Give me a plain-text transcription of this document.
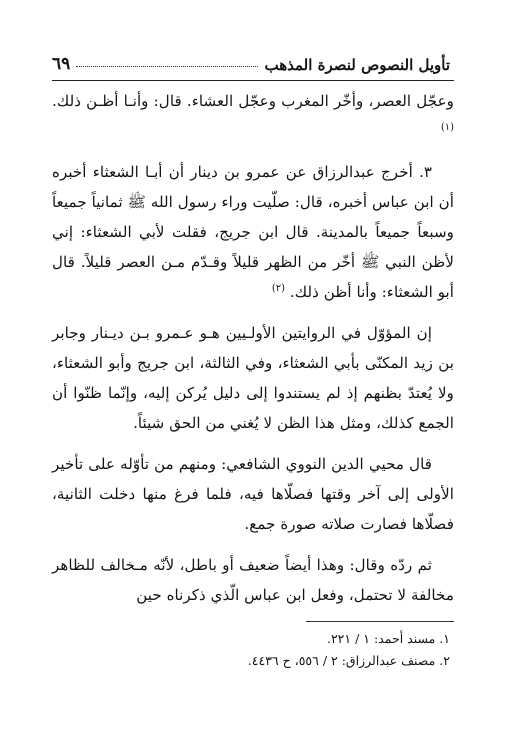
تأويل النصوص لنصرة المذهب
٦٩

وعجّل العصر، وأخّر المغرب وعجّل العشاء. قال: وأنـا أظـن ذلك. $^{(١)}$

٣. أخرج عبدالرزاق عن عمرو بن دينار أن أبـا الشعثاء أخبره أن ابن عباس أخبره، قال: صلّيت وراء رسول الله ﷺ ثمانياً جميعاً وسبعاً جميعاً بالمدينة. قال ابن جريج، فقلت لأبي الشعثاء: إني لأظن النبي ﷺ أخّر من الظهر قليلاً وقـدّم مـن العصر قليلاً. قال أبو الشعثاء: وأنا أظن ذلك. $^{(٢)}$

إن المؤوّل في الروايتين الأولـيين هـو عـمرو بـن ديـنار وجابر بن زيد المكنّى بأبي الشعثاء، وفي الثالثة، ابن جريج وأبو الشعثاء، ولا يُعتدّ بظنهم إذ لم يستندوا إلى دليل يُركن إليه، وإنّما ظنّوا أن الجمع كذلك، ومثل هذا الظن لا يُغني من الحق شيئاً.

قال محيي الدين النووي الشافعي: ومنهم من تأوّله على تأخير الأولى إلى آخر وقتها فصلّاها فيه، فلما فرغ منها دخلت الثانية، فصلّاها فصارت صلاته صورة جمع.

ثم ردّه وقال: وهذا أيضاً ضعيف أو باطل، لأنّه مـخالف للظاهر مخالفة لا تحتمل، وفعل ابن عباس الّذي ذكرناه حين

١. مسند أحمد: ١ / ٢٢١.

٢. مصنف عبدالرزاق: ٢ / ٥٥٦، ح ٤٤٣٦.
